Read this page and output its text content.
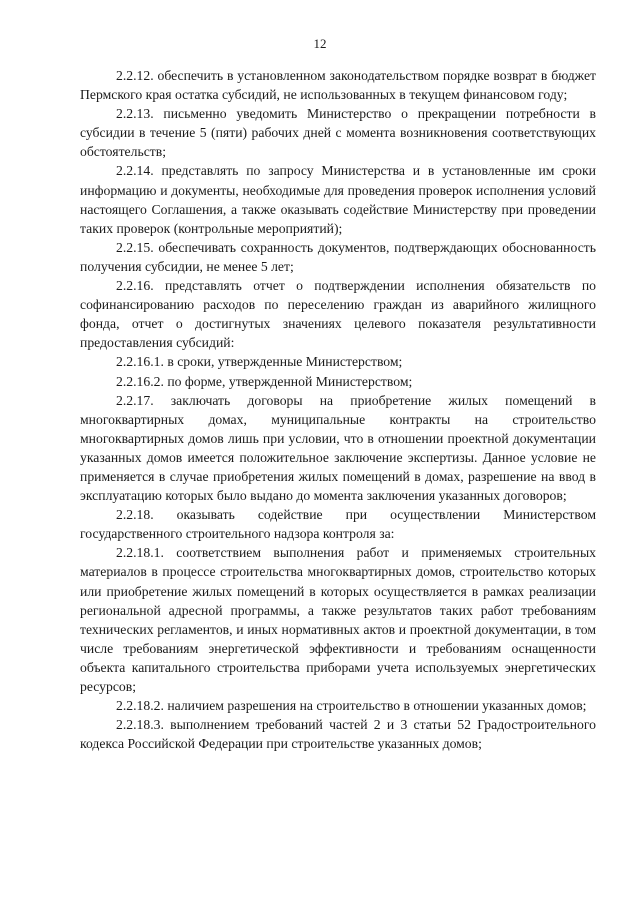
12

2.2.12. обеспечить в установленном законодательством порядке возврат в бюджет Пермского края остатка субсидий, не использованных в текущем финансовом году;

2.2.13. письменно уведомить Министерство о прекращении потребности в субсидии в течение 5 (пяти) рабочих дней с момента возникновения соответствующих обстоятельств;

2.2.14. представлять по запросу Министерства и в установленные им сроки информацию и документы, необходимые для проведения проверок исполнения условий настоящего Соглашения, а также оказывать содействие Министерству при проведении таких проверок (контрольные мероприятий);

2.2.15. обеспечивать сохранность документов, подтверждающих обоснованность получения субсидии, не менее 5 лет;

2.2.16. представлять отчет о подтверждении исполнения обязательств по софинансированию расходов по переселению граждан из аварийного жилищного фонда, отчет о достигнутых значениях целевого показателя результативности предоставления субсидий:

2.2.16.1. в сроки, утвержденные Министерством;

2.2.16.2. по форме, утвержденной Министерством;

2.2.17. заключать договоры на приобретение жилых помещений в многоквартирных домах, муниципальные контракты на строительство многоквартирных домов лишь при условии, что в отношении проектной документации указанных домов имеется положительное заключение экспертизы. Данное условие не применяется в случае приобретения жилых помещений в домах, разрешение на ввод в эксплуатацию которых было выдано до момента заключения указанных договоров;

2.2.18. оказывать содействие при осуществлении Министерством государственного строительного надзора контроля за:

2.2.18.1. соответствием выполнения работ и применяемых строительных материалов в процессе строительства многоквартирных домов, строительство которых или приобретение жилых помещений в которых осуществляется в рамках реализации региональной адресной программы, а также результатов таких работ требованиям технических регламентов, и иных нормативных актов и проектной документации, в том числе требованиям энергетической эффективности и требованиям оснащенности объекта капитального строительства приборами учета используемых энергетических ресурсов;

2.2.18.2. наличием разрешения на строительство в отношении указанных домов;

2.2.18.3. выполнением требований частей 2 и 3 статьи 52 Градостроительного кодекса Российской Федерации при строительстве указанных домов;
